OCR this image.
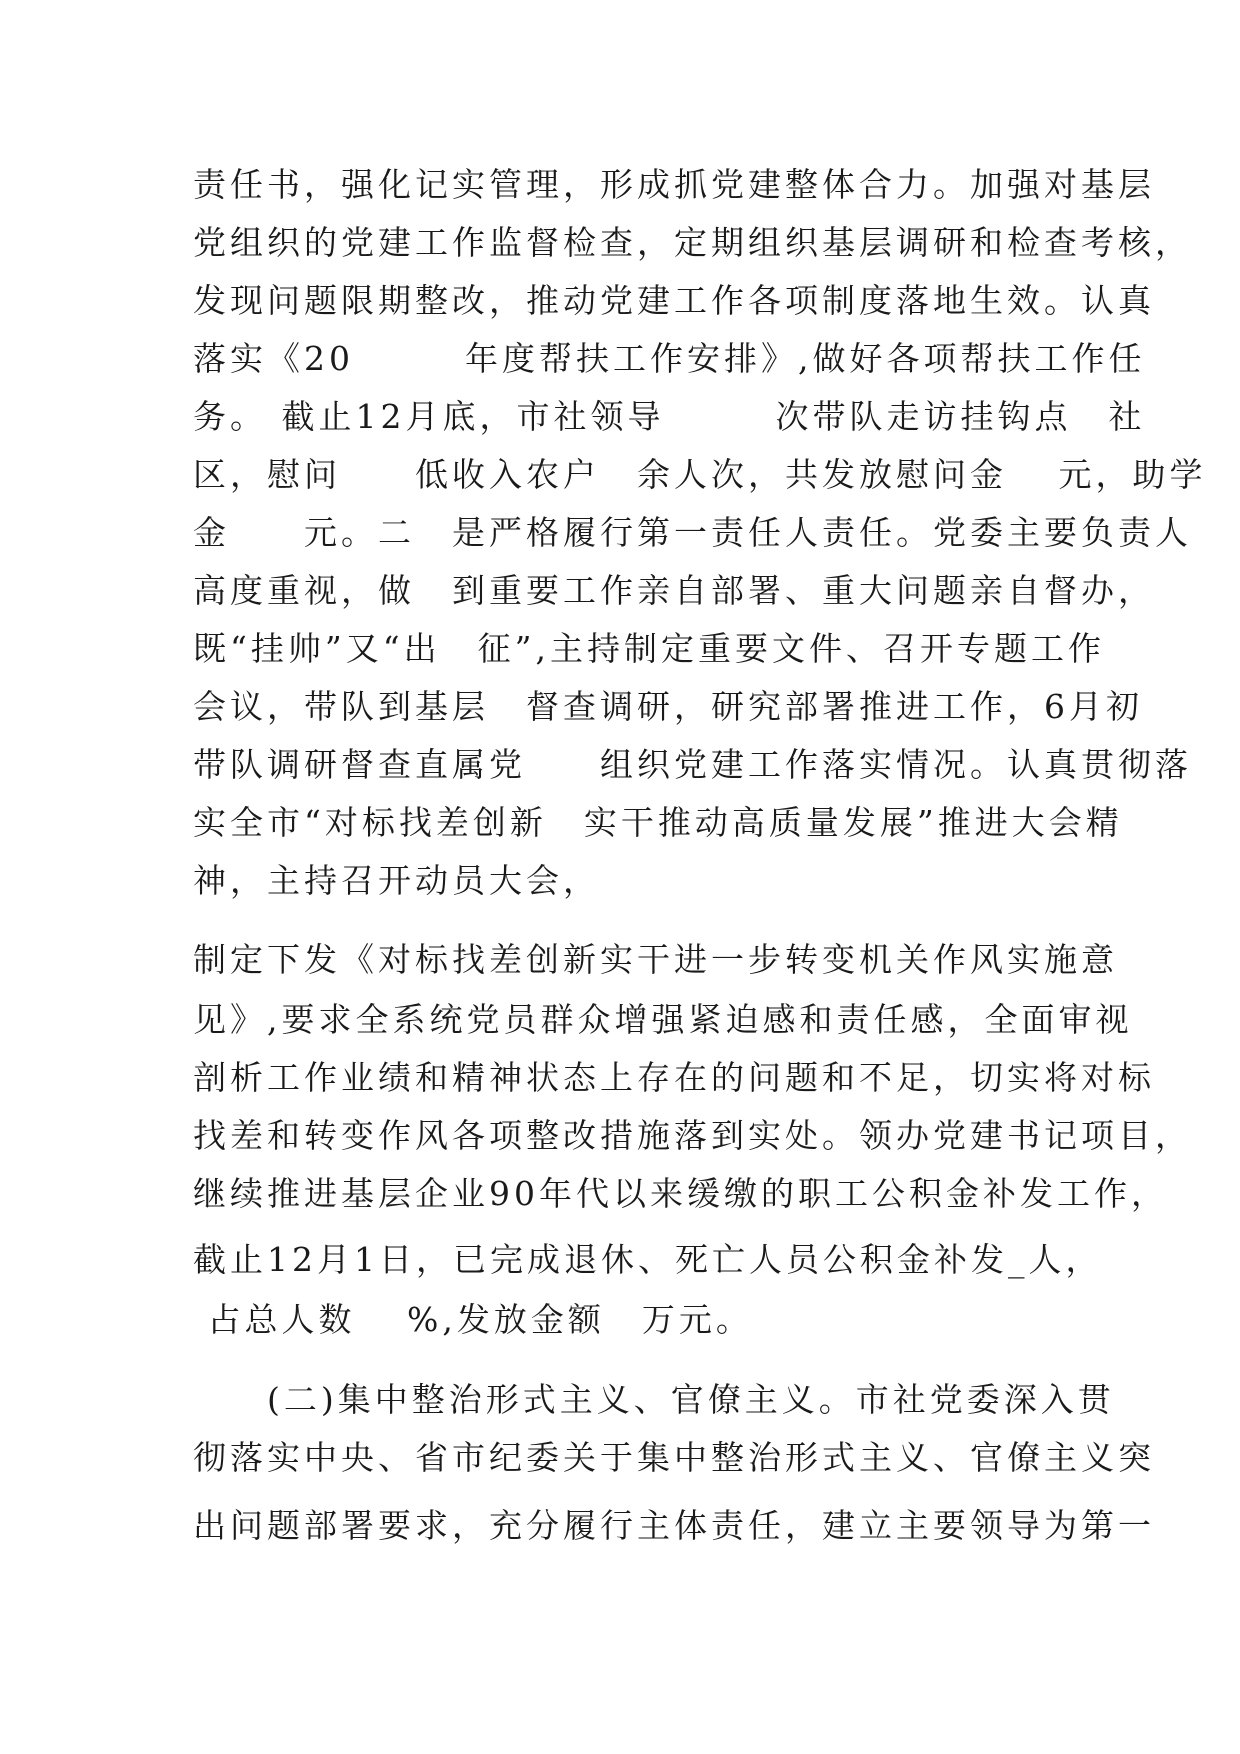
责任书，强化记实管理，形成抓党建整体合力。加强对基层

党组织的党建工作监督检查，定期组织基层调研和检查考核，

发现问题限期整改，推动党建工作各项制度落地生效。认真

落实《20　　　年度帮扶工作安排》,做好各项帮扶工作任

务。 截止12月底，市社领导　　　次带队走访挂钩点　社

区，慰问　　低收入农户　余人次，共发放慰问金　 元，助学

金　　元。二　是严格履行第一责任人责任。党委主要负责人

高度重视，做　到重要工作亲自部署、重大问题亲自督办，

既“挂帅”又“出　征”,主持制定重要文件、召开专题工作

会议，带队到基层　督查调研，研究部署推进工作，6月初

带队调研督查直属党　　组织党建工作落实情况。认真贯彻落

实全市“对标找差创新　实干推动高质量发展”推进大会精

神，主持召开动员大会，

制定下发《对标找差创新实干进一步转变机关作风实施意

见》,要求全系统党员群众增强紧迫感和责任感，全面审视

剖析工作业绩和精神状态上存在的问题和不足，切实将对标

找差和转变作风各项整改措施落到实处。领办党建书记项目，

继续推进基层企业90年代以来缓缴的职工公积金补发工作，

截止12月1日，已完成退休、死亡人员公积金补发_人，

占总人数　 %,发放金额　万元。

　　(二)集中整治形式主义、官僚主义。市社党委深入贯

彻落实中央、省市纪委关于集中整治形式主义、官僚主义突

出问题部署要求，充分履行主体责任，建立主要领导为第一
